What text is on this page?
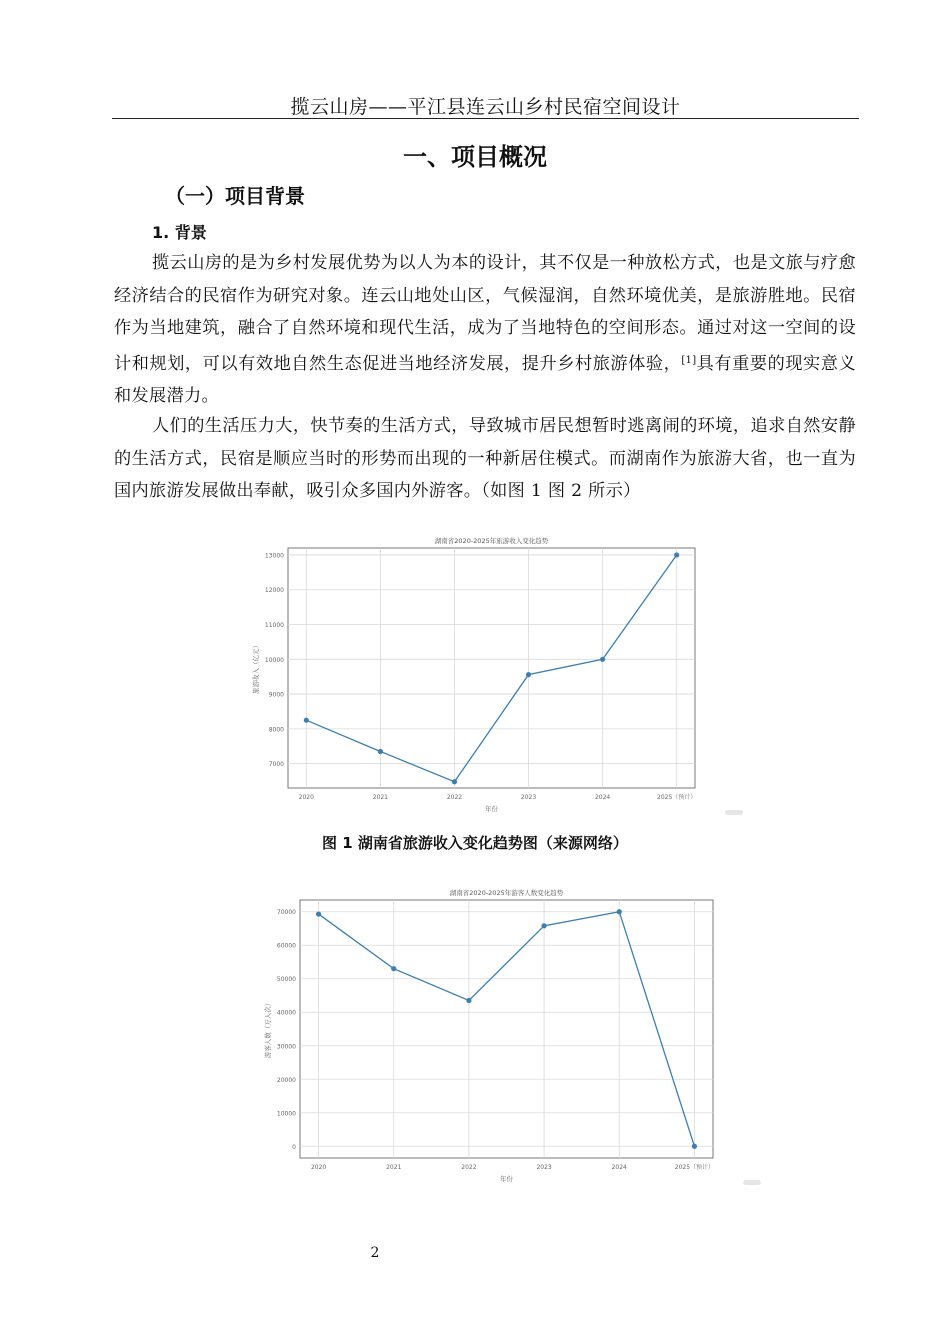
揽云山房——平江县连云山乡村民宿空间设计
一、项目概况
（一）项目背景
1. 背景
揽云山房的是为乡村发展优势为以人为本的设计，其不仅是一种放松方式，也是文旅与疗愈经济结合的民宿作为研究对象。连云山地处山区，气候湿润，自然环境优美，是旅游胜地。民宿作为当地建筑，融合了自然环境和现代生活，成为了当地特色的空间形态。通过对这一空间的设计和规划，可以有效地自然生态促进当地经济发展，提升乡村旅游体验，[1]具有重要的现实意义和发展潜力。
人们的生活压力大，快节奏的生活方式，导致城市居民想暂时逃离闹的环境，追求自然安静的生活方式，民宿是顺应当时的形势而出现的一种新居住模式。而湖南作为旅游大省，也一直为国内旅游发展做出奉献，吸引众多国内外游客。（如图 1 图 2 所示）
7000
8000
9000
10000
11000
12000
13000
2020	2021	2022	2023	2024	2025（预计）
湖南省2020-2025年旅游收入变化趋势
年份
旅游收入（亿元）
图 1 湖南省旅游收入变化趋势图（来源网络）
0
10000
20000
30000
40000
50000
60000
70000
2020	2021	2022	2023	2024	2025（预计）
湖南省2020-2025年游客人数变化趋势
年份
游客人数（万人次）
2
